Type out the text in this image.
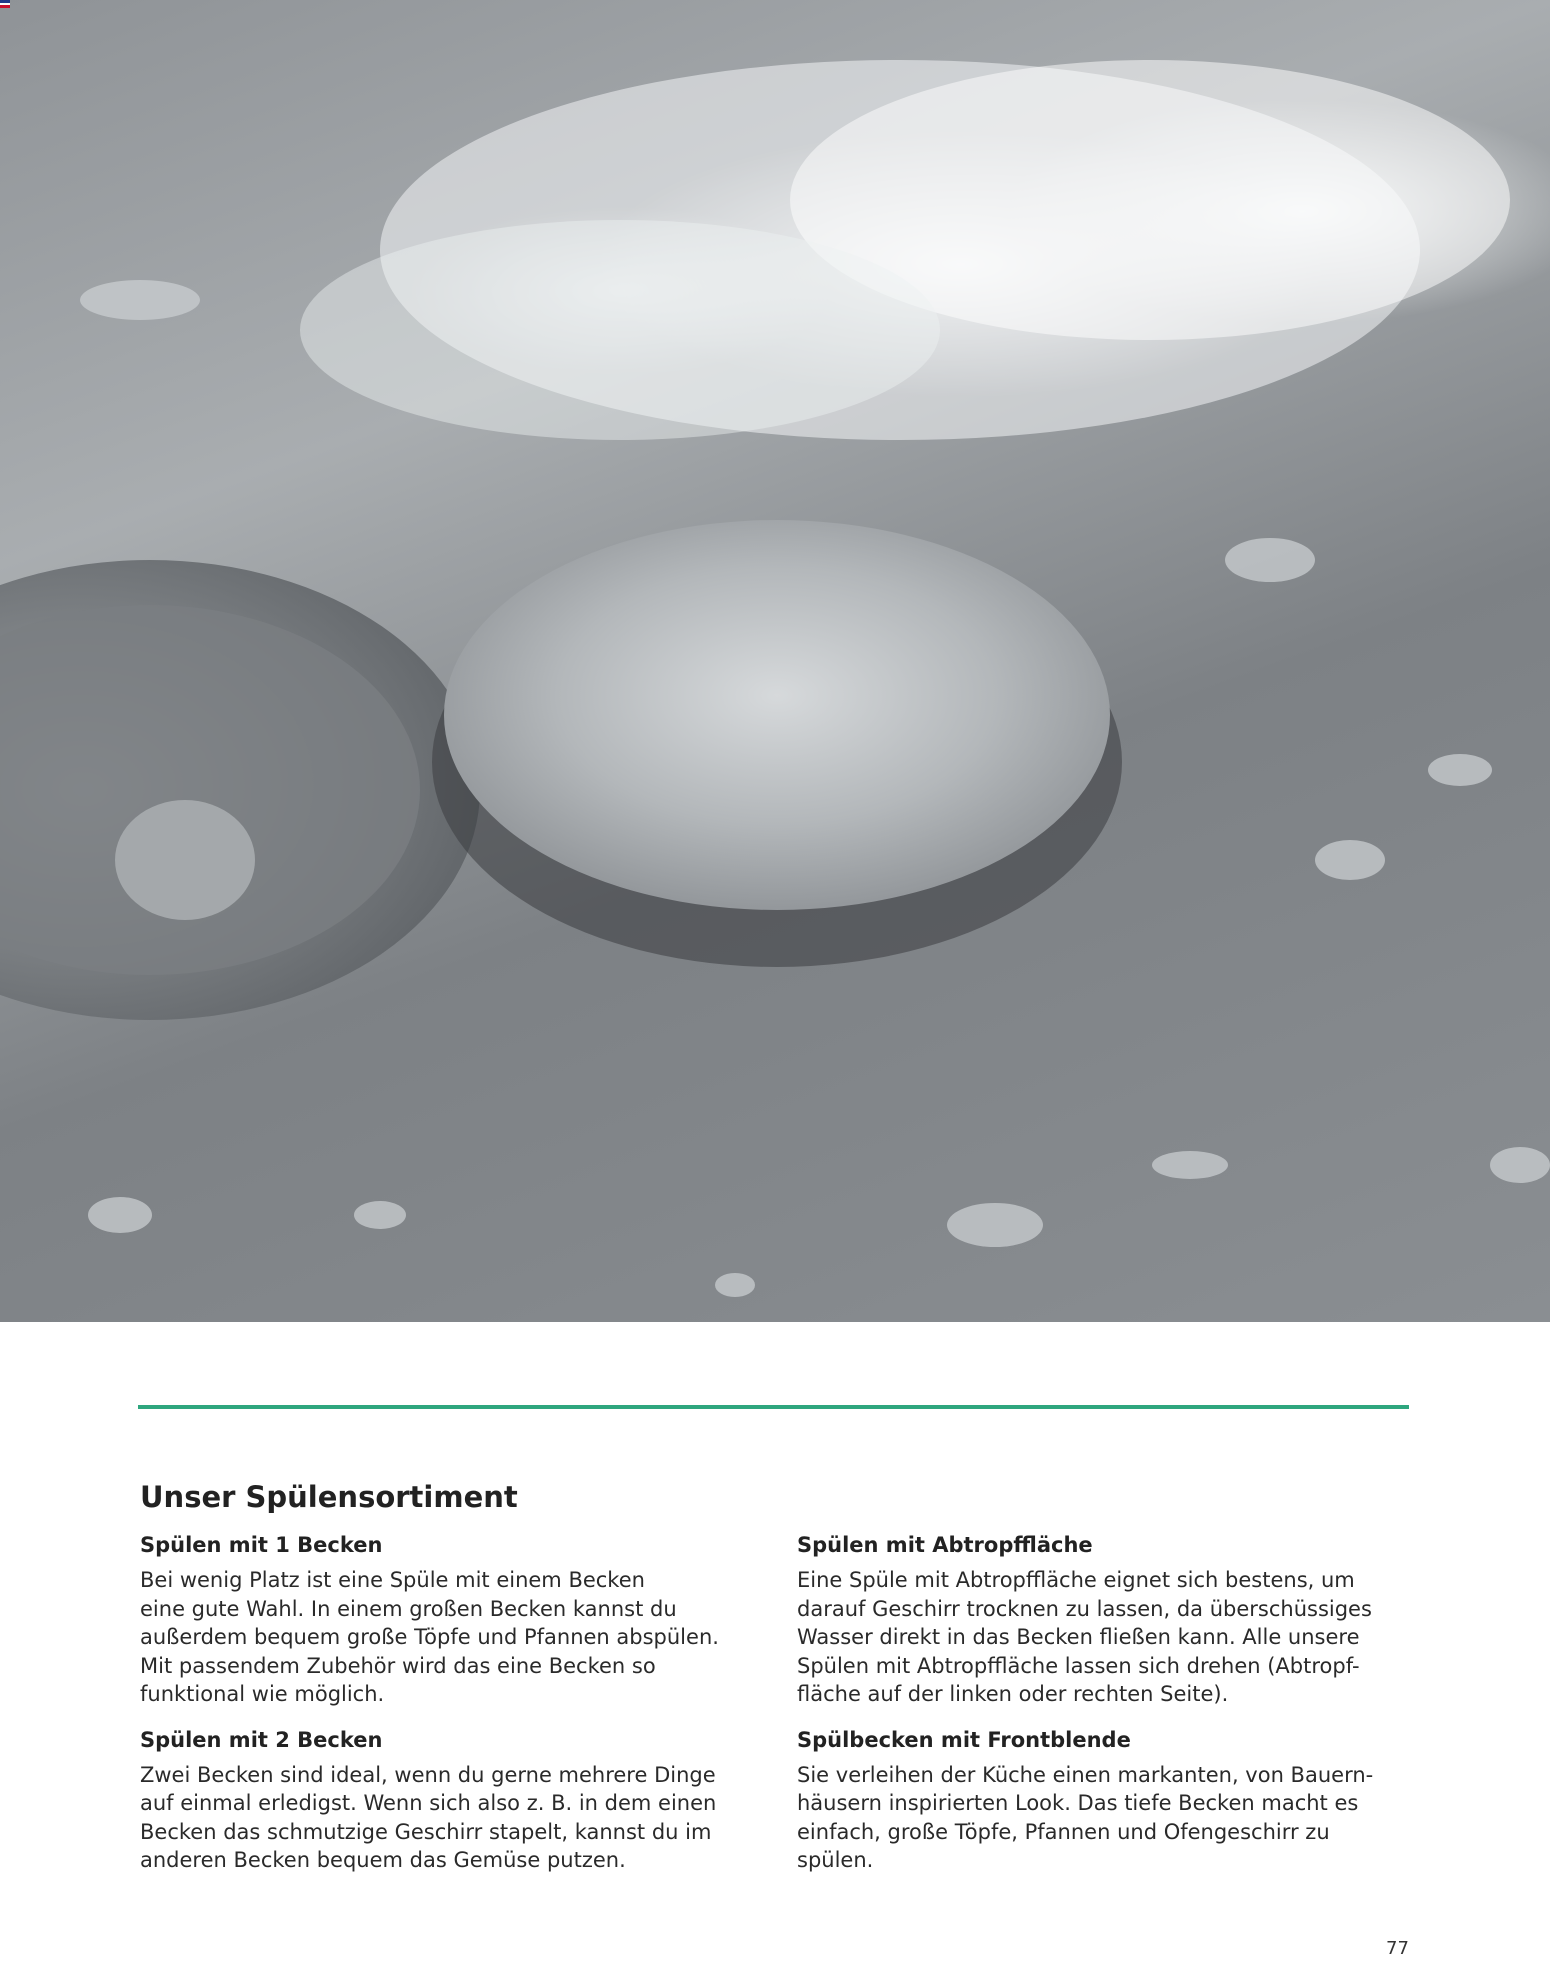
Unser Spülensortiment
Spülen mit 1 Becken

Bei wenig Platz ist eine Spüle mit einem Becken
eine gute Wahl. In einem großen Becken kannst du
außerdem bequem große Töpfe und Pfannen abspülen.
Mit passendem Zubehör wird das eine Becken so
funktional wie möglich.

Spülen mit 2 Becken

Zwei Becken sind ideal, wenn du gerne mehrere Dinge
auf einmal erledigst. Wenn sich also z. B. in dem einen
Becken das schmutzige Geschirr stapelt, kannst du im
anderen Becken bequem das Gemüse putzen.

Spülen mit Abtropffläche

Eine Spüle mit Abtropffläche eignet sich bestens, um
darauf Geschirr trocknen zu lassen, da überschüssiges
Wasser direkt in das Becken fließen kann. Alle unsere
Spülen mit Abtropffläche lassen sich drehen (Abtropf-
fläche auf der linken oder rechten Seite).

Spülbecken mit Frontblende

Sie verleihen der Küche einen markanten, von Bauern-
häusern inspirierten Look. Das tiefe Becken macht es
einfach, große Töpfe, Pfannen und Ofengeschirr zu
spülen.

77
